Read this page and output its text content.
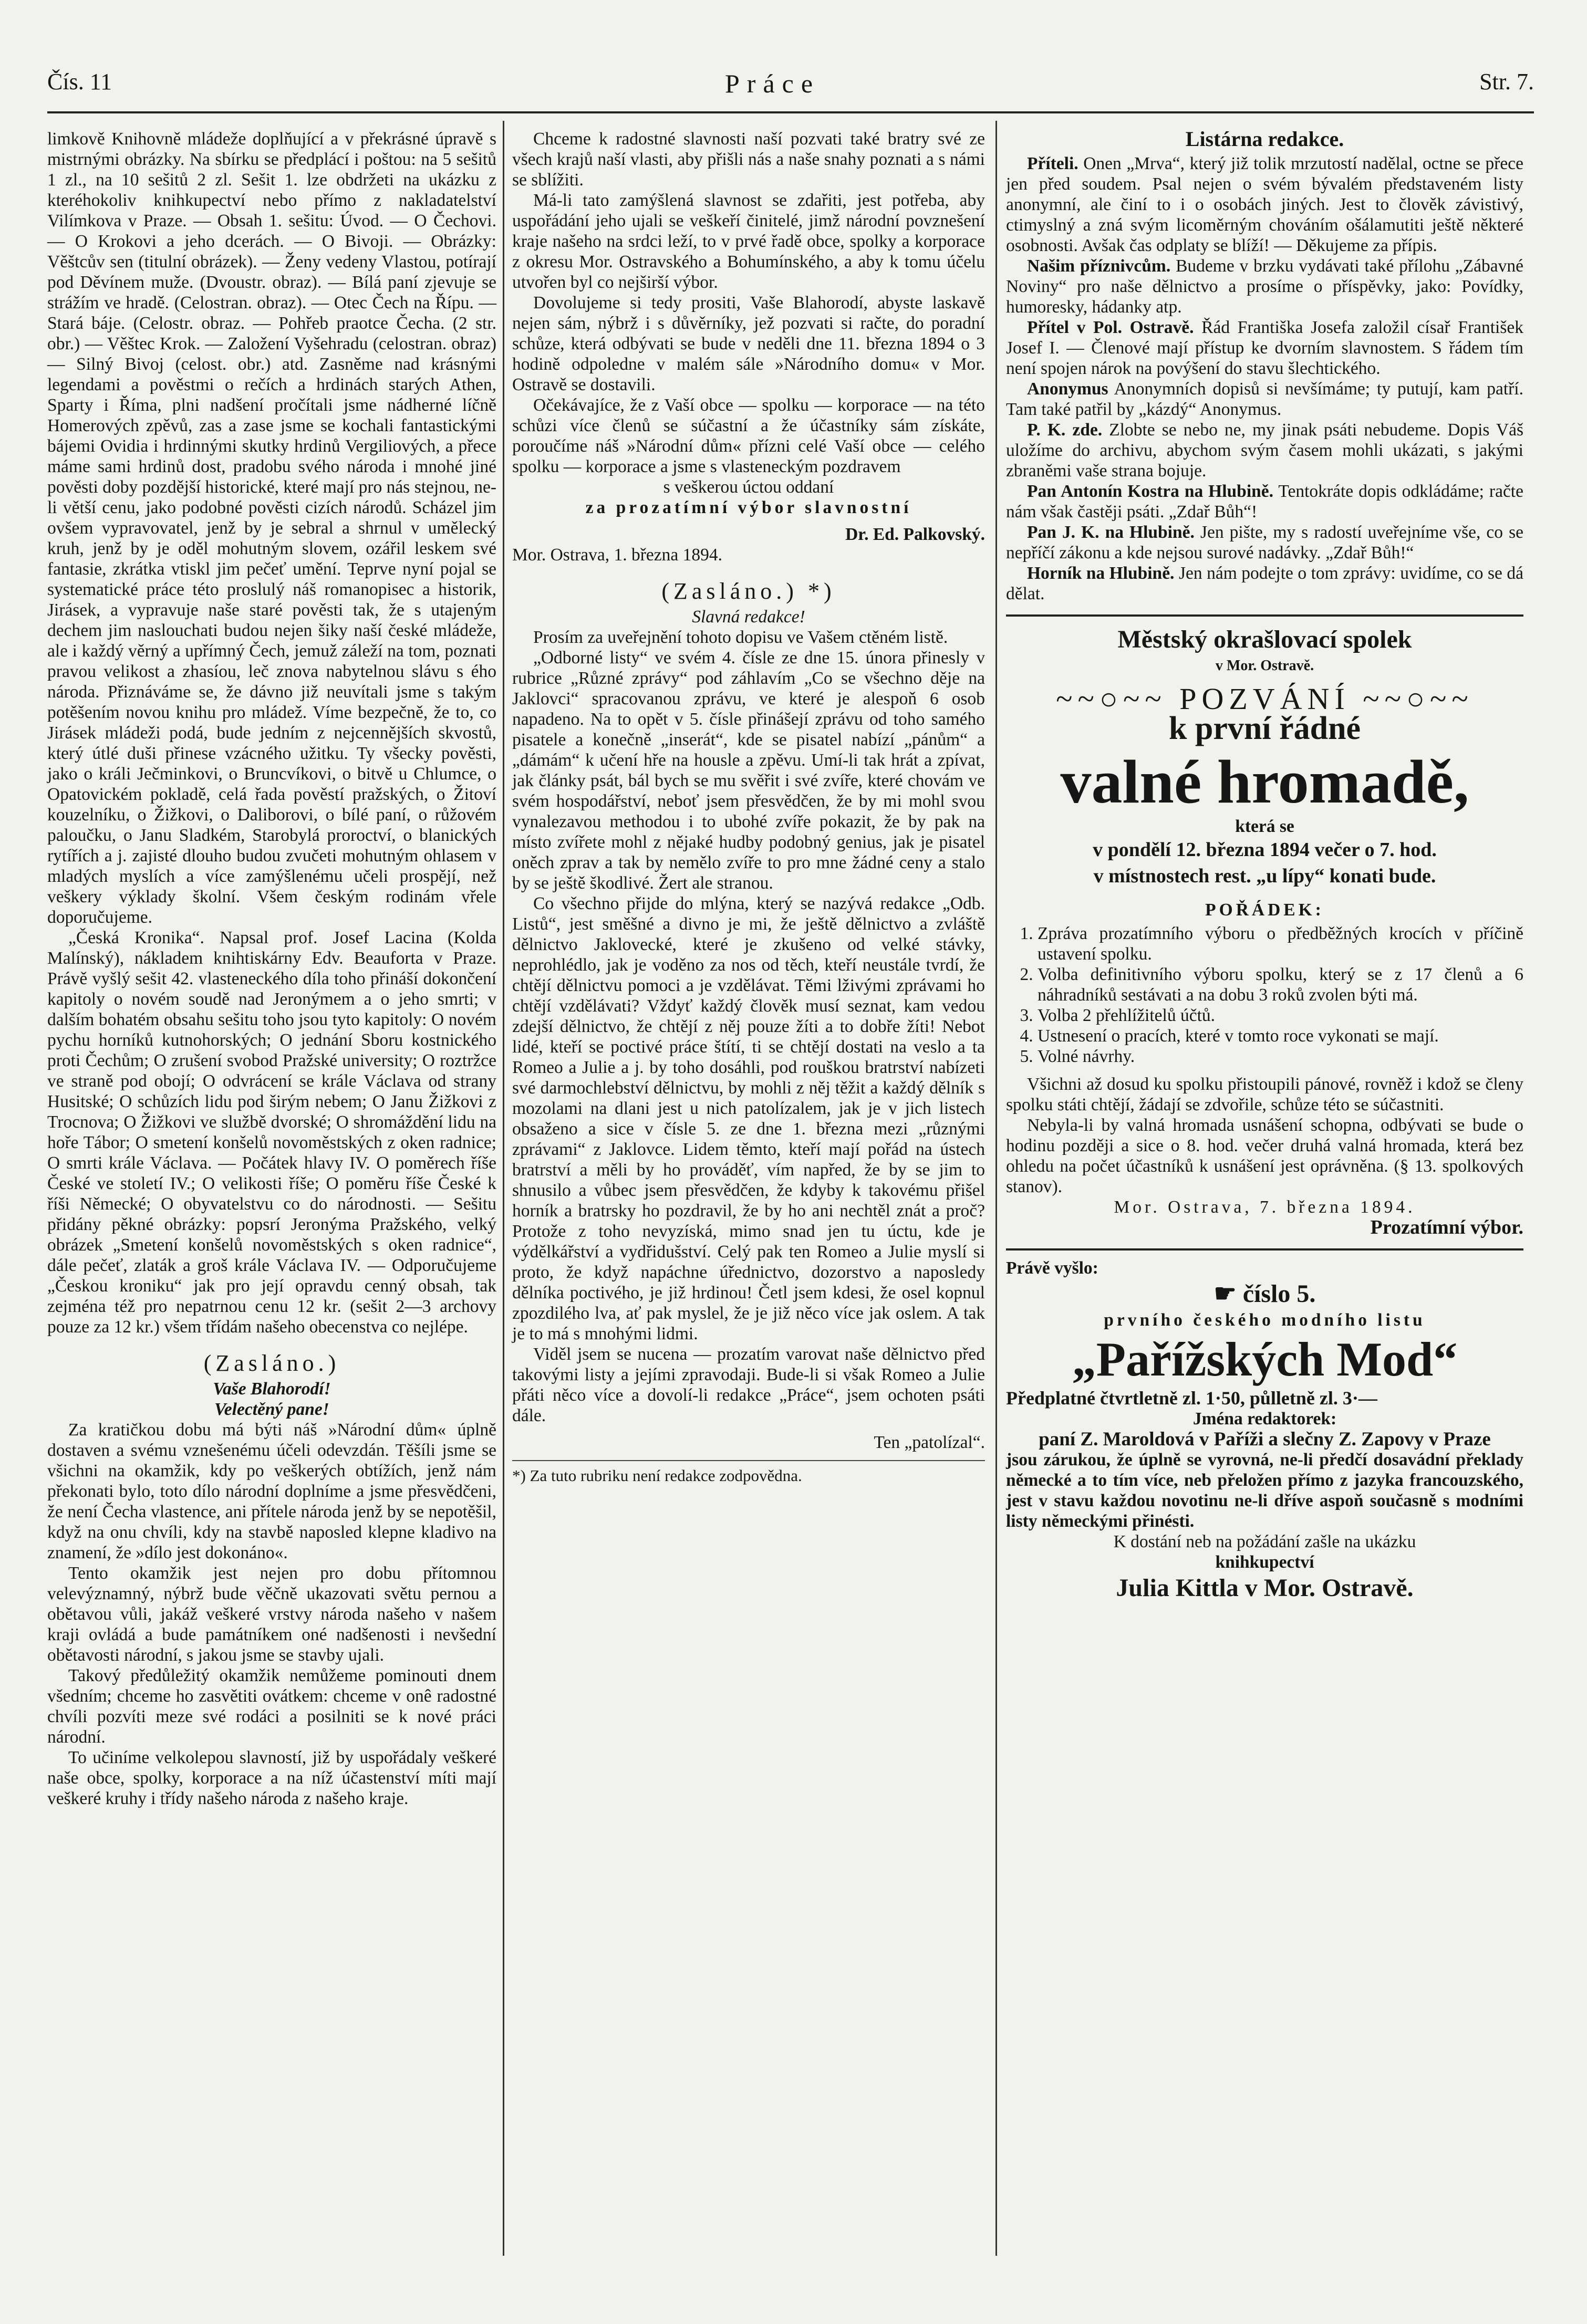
Čís. 11	Práce	Str. 7.

limkově Knihovně mládeže doplňující a v překrásné úpravě s mistrnými obrázky. Na sbírku se předplácí i poštou: na 5 sešitů 1 zl., na 10 sešitů 2 zl. Sešit 1. lze obdržeti na ukázku z kteréhokoliv knihkupectví nebo přímo z nakladatelství Vilímkova v Praze. — Obsah 1. sešitu: Úvod. — O Čechovi. — O Krokovi a jeho dcerách. — O Bivoji. — Obrázky: Věštcův sen (titulní obrázek). — Ženy vedeny Vlastou, potírají pod Děvínem muže. (Dvoustr. obraz). — Bílá paní zjevuje se strážím ve hradě. (Celostran. obraz). — Otec Čech na Řípu. — Stará báje. (Celostr. obraz. — Pohřeb praotce Čecha. (2 str. obr.) — Věštec Krok. — Založení Vyšehradu (celostran. obraz) — Silný Bivoj (celost. obr.) atd. Zasněme nad krásnými legendami a pověstmi o rečích a hrdinách starých Athen, Sparty i Říma, plni nadšení pročítali jsme nádherné líčně Homerových zpěvů, zas a zase jsme se kochali fantastickými bájemi Ovidia i hrdinnými skutky hrdinů Vergiliových, a přece máme sami hrdinů dost, pradobu svého národa i mnohé jiné pověsti doby pozdější historické, které mají pro nás stejnou, ne-li větší cenu, jako podobné pověsti cizích národů. Scházel jim ovšem vypravovatel, jenž by je sebral a shrnul v umělecký kruh, jenž by je oděl mohutným slovem, ozářil leskem své fantasie, zkrátka vtiskl jim pečeť umění. Teprve nyní pojal se systematické práce této proslulý náš romanopisec a historik, Jirásek, a vypravuje naše staré pověsti tak, že s utajeným dechem jim naslouchati budou nejen šiky naší české mládeže, ale i každý věrný a upřímný Čech, jemuž záleží na tom, poznati pravou velikost a zhasíou, leč znova nabytelnou slávu s ého národa. Přiznáváme se, že dávno již neuvítali jsme s takým potěšením novou knihu pro mládež. Víme bezpečně, že to, co Jirásek mládeži podá, bude jedním z nejcennějších skvostů, který útlé duši přinese vzácného užitku. Ty všecky pověsti, jako o králi Ječminkovi, o Bruncvíkovi, o bitvě u Chlumce, o Opatovickém pokladě, celá řada pověstí pražských, o Žitoví kouzelníku, o Žižkovi, o Daliborovi, o bílé paní, o růžovém paloučku, o Janu Sladkém, Starobylá proroctví, o blanických rytířích a j. zajisté dlouho budou zvučeti mohutným ohlasem v mladých myslích a více zamýšlenému učeli prospějí, než veškery výklady školní. Všem českým rodinám vřele doporučujeme.

„Česká Kronika“. Napsal prof. Josef Lacina (Kolda Malínský), nákladem knihtiskárny Edv. Beauforta v Praze. Právě vyšlý sešit 42. vlasteneckého díla toho přináší dokončení kapitoly o novém soudě nad Jeronýmem a o jeho smrti; v dalším bohatém obsahu sešitu toho jsou tyto kapitoly: O novém pychu horníků kutnohorských; O jednání Sboru kostnického proti Čechům; O zrušení svobod Pražské university; O roztržce ve straně pod obojí; O odvrácení se krále Václava od strany Husitské; O schůzích lidu pod širým nebem; O Janu Žižkovi z Trocnova; O Žižkovi ve službě dvorské; O shromáždění lidu na hoře Tábor; O smetení konšelů novoměstských z oken radnice; O smrti krále Václava. — Počátek hlavy IV. O poměrech říše České ve století IV.; O velikosti říše; O poměru říše České k říši Německé; O obyvatelstvu co do národnosti. — Sešitu přidány pěkné obrázky: popsrí Jeronýma Pražského, velký obrázek „Smetení konšelů novoměstských s oken radnice“, dále pečeť, zlaták a groš krále Václava IV. — Odporučujeme „Českou kroniku“ jak pro její opravdu cenný obsah, tak zejména též pro nepatrnou cenu 12 kr. (sešit 2—3 archovy pouze za 12 kr.) všem třídám našeho obecenstva co nejlépe.

(Zasláno.)

Vaše Blahorodí!

Velectěný pane!

Za kratičkou dobu má býti náš »Národní dům« úplně dostaven a svému vznešenému účeli odevzdán. Těšíli jsme se všichni na okamžik, kdy po veškerých obtížích, jenž nám překonati bylo, toto dílo národní doplníme a jsme přesvědčeni, že není Čecha vlastence, ani přítele národa jenž by se nepotěšil, když na onu chvíli, kdy na stavbě naposled klepne kladivo na znamení, že »dílo jest dokonáno«.

Tento okamžik jest nejen pro dobu přítomnou velevýznamný, nýbrž bude věčně ukazovati světu pernou a obětavou vůli, jakáž veškeré vrstvy národa našeho v našem kraji ovládá a bude památníkem oné nadšenosti i nevšední obětavosti národní, s jakou jsme se stavby ujali.

Takový předůležitý okamžik nemůžeme pominouti dnem všedním; chceme ho zasvětiti ovátkem: chceme v onê radostné chvíli pozvíti meze své rodáci a posilniti se k nové práci národní.

To učiníme velkolepou slavností, již by uspořádaly veškeré naše obce, spolky, korporace a na níž účastenství míti mají veškeré kruhy i třídy našeho národa z našeho kraje.

Chceme k radostné slavnosti naší pozvati také bratry své ze všech krajů naší vlasti, aby přišli nás a naše snahy poznati a s námi se sblížiti.

Má-li tato zamýšlená slavnost se zdařiti, jest potřeba, aby uspořádání jeho ujali se veškeří činitelé, jimž národní povznešení kraje našeho na srdci leží, to v prvé řadě obce, spolky a korporace z okresu Mor. Ostravského a Bohumínského, a aby k tomu účelu utvořen byl co nejširší výbor.

Dovolujeme si tedy prositi, Vaše Blahorodí, abyste laskavě nejen sám, nýbrž i s důvěrníky, jež pozvati si račte, do poradní schůze, která odbývati se bude v neděli dne 11. března 1894 o 3 hodině odpoledne v malém sále »Národního domu« v Mor. Ostravě se dostavili.

Očekávajíce, že z Vaší obce — spolku — korporace — na této schůzi více členů se súčastní a že účastníky sám získáte, poroučíme náš »Národní dům« přízni celé Vaší obce — celého spolku — korporace a jsme s vlasteneckým pozdravem

s veškerou úctou oddaní

za prozatímní výbor slavnostní

Dr. Ed. Palkovský.

Mor. Ostrava, 1. března 1894.

(Zasláno.) *)

Slavná redakce!

Prosím za uveřejnění tohoto dopisu ve Vašem ctěném listě.

„Odborné listy“ ve svém 4. čísle ze dne 15. února přinesly v rubrice „Různé zprávy“ pod záhlavím „Co se všechno děje na Jaklovci“ spracovanou zprávu, ve které je alespoň 6 osob napadeno. Na to opět v 5. čísle přinášejí zprávu od toho samého pisatele a konečně „inserát“, kde se pisatel nabízí „pánům“ a „dámám“ k učení hře na housle a zpěvu. Umí-li tak hrát a zpívat, jak články psát, bál bych se mu svěřit i své zvíře, které chovám ve svém hospodářství, neboť jsem přesvědčen, že by mi mohl svou vynalezavou methodou i to ubohé zvíře pokazit, že by pak na místo zvířete mohl z nějaké hudby podobný genius, jak je pisatel oněch zprav a tak by nemělo zvíře to pro mne žádné ceny a stalo by se ještě škodlivé. Žert ale stranou.

Co všechno přijde do mlýna, který se nazývá redakce „Odb. Listů“, jest směšné a divno je mi, že ještě dělnictvo a zvláště dělnictvo Jaklovecké, které je zkušeno od velké stávky, neprohlédlo, jak je voděno za nos od těch, kteří neustále tvrdí, že chtějí dělnictvu pomoci a je vzdělávat. Těmi lživými zprávami ho chtějí vzdělávati? Vždyť každý člověk musí seznat, kam vedou zdejší dělnictvo, že chtějí z něj pouze žíti a to dobře žíti! Nebot lidé, kteří se poctivé práce štítí, ti se chtějí dostati na veslo a ta Romeo a Julie a j. by toho dosáhli, pod rouškou bratrství nabízeti své darmochlebství dělnictvu, by mohli z něj těžit a každý dělník s mozolami na dlani jest u nich patolízalem, jak je v jich listech obsaženo a sice v čísle 5. ze dne 1. března mezi „různými zprávami“ z Jaklovce. Lidem těmto, kteří mají pořád na ústech bratrství a měli by ho prováděť, vím napřed, že by se jim to shnusilo a vůbec jsem přesvědčen, že kdyby k takovému přišel horník a bratrsky ho pozdravil, že by ho ani nechtěl znát a proč? Protože z toho nevyzíská, mimo snad jen tu úctu, kde je výdělkářství a vydřidušství. Celý pak ten Romeo a Julie myslí si proto, že když napáchne úřednictvo, dozorstvo a naposledy dělníka poctivého, je již hrdinou! Četl jsem kdesi, že osel kopnul zpozdilého lva, ať pak myslel, že je již něco více jak oslem. A tak je to má s mnohými lidmi.

Viděl jsem se nucena — prozatím varovat naše dělnictvo před takovými listy a jejími zpravodaji. Bude-li si však Romeo a Julie přáti něco více a dovolí-li redakce „Práce“, jsem ochoten psáti dále.

Ten „patolízal“.

*) Za tuto rubriku není redakce zodpovědna.

Listárna redakce.

Příteli. Onen „Mrva“, který již tolik mrzutostí nadělal, octne se přece jen před soudem. Psal nejen o svém bývalém představeném listy anonymní, ale činí to i o osobách jiných. Jest to člověk závistivý, ctimyslný a zná svým licoměrným chováním ošálamutiti ještě některé osobnosti. Avšak čas odplaty se blíží! — Děkujeme za přípis.

Našim příznivcům. Budeme v brzku vydávati také přílohu „Zábavné Noviny“ pro naše dělnictvo a prosíme o příspěvky, jako: Povídky, humoresky, hádanky atp.

Přítel v Pol. Ostravě. Řád Františka Josefa založil císař František Josef I. — Členové mají přístup ke dvorním slavnostem. S řádem tím není spojen nárok na povýšení do stavu šlechtického.

Anonymus Anonymních dopisů si nevšímáme; ty putují, kam patří. Tam také patřil by „kázdý“ Anonymus.

P. K. zde. Zlobte se nebo ne, my jinak psáti nebudeme. Dopis Váš uložíme do archivu, abychom svým časem mohli ukázati, s jakými zbraněmi vaše strana bojuje.

Pan Antonín Kostra na Hlubině. Tentokráte dopis odkládáme; račte nám však častěji psáti. „Zdař Bůh“!

Pan J. K. na Hlubině. Jen pište, my s radostí uveřejníme vše, co se nepříčí zákonu a kde nejsou surové nadávky. „Zdař Bůh!“

Horník na Hlubině. Jen nám podejte o tom zprávy: uvidíme, co se dá dělat.

Městský okrašlovací spolek

v Mor. Ostravě.

~~○~~ POZVÁNÍ ~~○~~

k první řádné

valné hromadě,

která se

v pondělí 12. března 1894 večer o 7. hod.

v místnostech rest. „u lípy“ konati bude.

POŘÁDEK:

1. Zpráva prozatímního výboru o předběžných krocích v příčině ustavení spolku.
2. Volba definitivního výboru spolku, který se z 17 členů a 6 náhradníků sestávati a na dobu 3 roků zvolen býti má.
3. Volba 2 přehlížitelů účtů.
4. Ustnesení o pracích, které v tomto roce vykonati se mají.
5. Volné návrhy.

Všichni až dosud ku spolku přistoupili pánové, rovněž i kdož se členy spolku státi chtějí, žádají se zdvořile, schůze této se súčastniti.

Nebyla-li by valná hromada usnášení schopna, odbývati se bude o hodinu později a sice o 8. hod. večer druhá valná hromada, která bez ohledu na počet účastníků k usnášení jest oprávněna. (§ 13. spolkových stanov).

Mor. Ostrava, 7. března 1894.

Prozatímní výbor.

Právě vyšlo:

☛ číslo 5.

prvního českého modního listu

„Pařížských Mod“

Předplatné čtvrtletně zl. 1·50, půlletně zl. 3·—

Jména redaktorek:

paní Z. Maroldová v Paříži a slečny Z. Zapovy v Praze

jsou zárukou, že úplně se vyrovná, ne-li předčí dosavádní překlady německé a to tím více, neb přeložen přímo z jazyka francouzského, jest v stavu každou novotinu ne-li dříve aspoň současně s modními listy německými přinésti.

K dostání neb na požádání zašle na ukázku

knihkupectví

Julia Kittla v Mor. Ostravě.
